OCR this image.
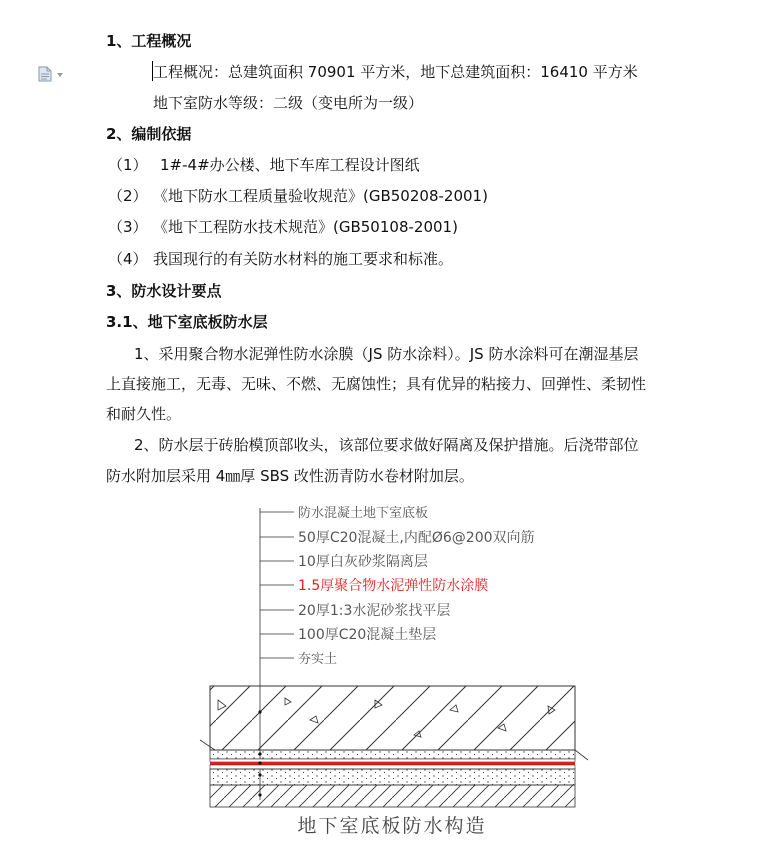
1、工程概况
工程概况：总建筑面积 70901 平方米，地下总建筑面积：16410 平方米
地下室防水等级：二级（变电所为一级）
2、编制依据
（1） 1#-4#办公楼、地下车库工程设计图纸
（2） 《地下防水工程质量验收规范》(GB50208-2001)
（3） 《地下工程防水技术规范》(GB50108-2001)
（4） 我国现行的有关防水材料的施工要求和标准。
3、防水设计要点
3.1、地下室底板防水层
1、采用聚合物水泥弹性防水涂膜（JS 防水涂料）。JS 防水涂料可在潮湿基层
上直接施工，无毒、无味、不燃、无腐蚀性；具有优异的粘接力、回弹性、柔韧性
和耐久性。
2、防水层于砖胎模顶部收头，该部位要求做好隔离及保护措施。后浇带部位
防水附加层采用 4㎜厚 SBS 改性沥青防水卷材附加层。
防水混凝土地下室底板
50厚C20混凝土,内配Ø6@200双向筋
10厚白灰砂浆隔离层
1.5厚聚合物水泥弹性防水涂膜
20厚1:3水泥砂浆找平层
100厚C20混凝土垫层
夯实土
地下室底板防水构造
